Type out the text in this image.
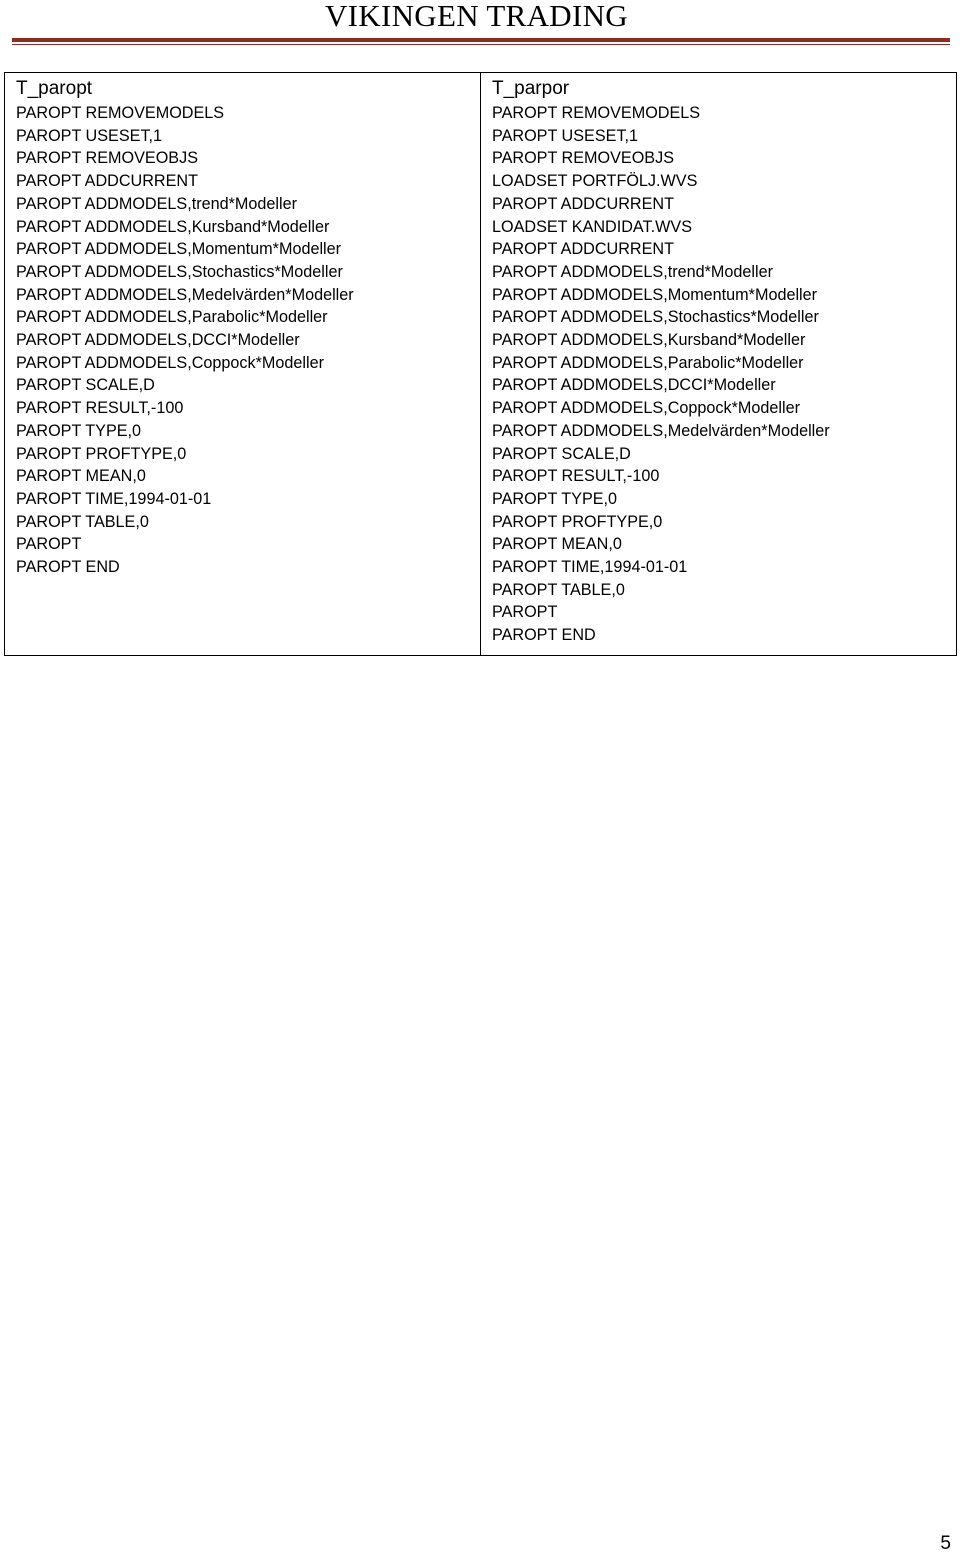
VIKINGEN TRADING
T_paropt
PAROPT REMOVEMODELS
PAROPT USESET,1
PAROPT REMOVEOBJS
PAROPT ADDCURRENT
PAROPT ADDMODELS,trend*Modeller
PAROPT ADDMODELS,Kursband*Modeller
PAROPT ADDMODELS,Momentum*Modeller
PAROPT ADDMODELS,Stochastics*Modeller
PAROPT ADDMODELS,Medelvärden*Modeller
PAROPT ADDMODELS,Parabolic*Modeller
PAROPT ADDMODELS,DCCI*Modeller
PAROPT ADDMODELS,Coppock*Modeller
PAROPT SCALE,D
PAROPT RESULT,-100
PAROPT TYPE,0
PAROPT PROFTYPE,0
PAROPT MEAN,0
PAROPT TIME,1994-01-01
PAROPT TABLE,0
PAROPT
PAROPT END

T_parpor
PAROPT REMOVEMODELS
PAROPT USESET,1
PAROPT REMOVEOBJS
LOADSET PORTFÖLJ.WVS
PAROPT ADDCURRENT
LOADSET KANDIDAT.WVS
PAROPT ADDCURRENT
PAROPT ADDMODELS,trend*Modeller
PAROPT ADDMODELS,Momentum*Modeller
PAROPT ADDMODELS,Stochastics*Modeller
PAROPT ADDMODELS,Kursband*Modeller
PAROPT ADDMODELS,Parabolic*Modeller
PAROPT ADDMODELS,DCCI*Modeller
PAROPT ADDMODELS,Coppock*Modeller
PAROPT ADDMODELS,Medelvärden*Modeller
PAROPT SCALE,D
PAROPT RESULT,-100
PAROPT TYPE,0
PAROPT PROFTYPE,0
PAROPT MEAN,0
PAROPT TIME,1994-01-01
PAROPT TABLE,0
PAROPT
PAROPT END
5
